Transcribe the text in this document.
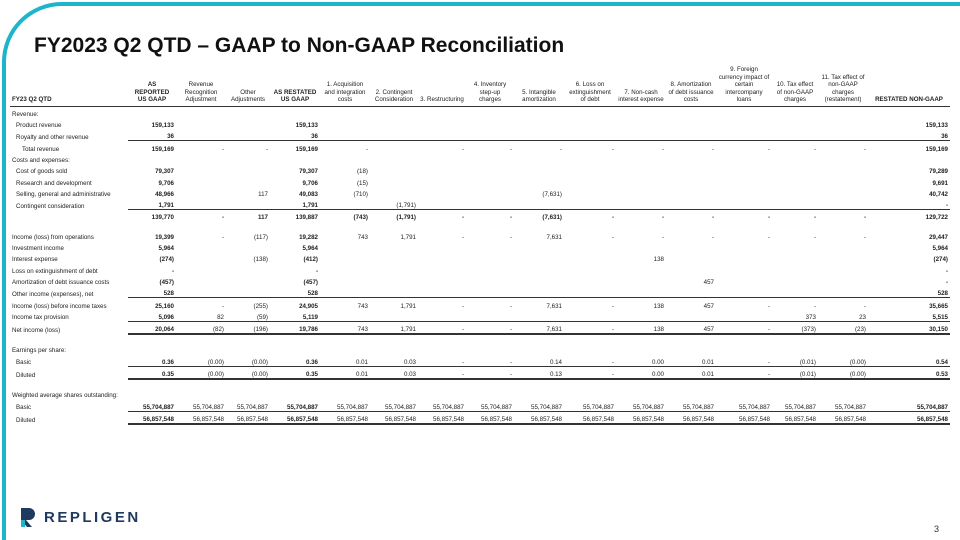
FY2023 Q2 QTD – GAAP to Non-GAAP Reconciliation
FY23 Q2 QTD	AS REPORTED US GAAP	Revenue Recognition Adjustment	Other Adjustments	AS RESTATED US GAAP	1. Acquisition and integration costs	2. Contingent Consideration	3. Restructuring	4. Inventory step-up charges	5. Intangible amortization	6. Loss on extinguishment of debt	7. Non-cash interest expense	8. Amortization of debt issuance costs	9. Foreign currency impact of certain intercompany loans	10. Tax effect of non-GAAP charges	11. Tax effect of non-GAAP charges (restatement)	RESTATED NON-GAAP
Revenue:																
Product revenue	159,133			159,133												159,133
Royalty and other revenue	36			36												36
Total revenue	159,169	-	-	159,169	-		-	-	-	-	-	-	-	-	-	159,169
Costs and expenses:																
Cost of goods sold	79,307			79,307	(18)											79,289
Research and development	9,706			9,706	(15)											9,691
Selling, general and administrative	48,966		117	49,083	(710)				(7,631)							40,742
Contingent consideration	1,791			1,791		(1,791)										-
	139,770	-	117	139,887	(743)	(1,791)	-	-	(7,631)	-	-	-	-	-	-	129,722

Income (loss) from operations	19,399	-	(117)	19,282	743	1,791	-	-	7,631	-	-	-	-	-	-	29,447
Investment income	5,964			5,964												5,964
Interest expense	(274)		(138)	(412)							138					(274)
Loss on extinguishment of debt	-			-												-
Amortization of debt issuance costs	(457)			(457)								457				-
Other income (expenses), net	528			528												528
Income (loss) before income taxes	25,160	-	(255)	24,905	743	1,791	-	-	7,631	-	138	457	-	-	-	35,665
Income tax provision	5,096	82	(59)	5,119										373	23	5,515
Net income (loss)	20,064	(82)	(196)	19,786	743	1,791	-	-	7,631	-	138	457	-	(373)	(23)	30,150

Earnings per share:																
Basic	0.36	(0.00)	(0.00)	0.36	0.01	0.03	-	-	0.14	-	0.00	0.01	-	(0.01)	(0.00)	0.54
Diluted	0.35	(0.00)	(0.00)	0.35	0.01	0.03	-	-	0.13	-	0.00	0.01	-	(0.01)	(0.00)	0.53

Weighted average shares outstanding:																
Basic	55,704,887	55,704,887	55,704,887	55,704,887	55,704,887	55,704,887	55,704,887	55,704,887	55,704,887	55,704,887	55,704,887	55,704,887	55,704,887	55,704,887	55,704,887	55,704,887
Diluted	56,857,548	56,857,548	56,857,548	56,857,548	56,857,548	56,857,548	56,857,548	56,857,548	56,857,548	56,857,548	56,857,548	56,857,548	56,857,548	56,857,548	56,857,548	56,857,548
REPLIGEN
3
